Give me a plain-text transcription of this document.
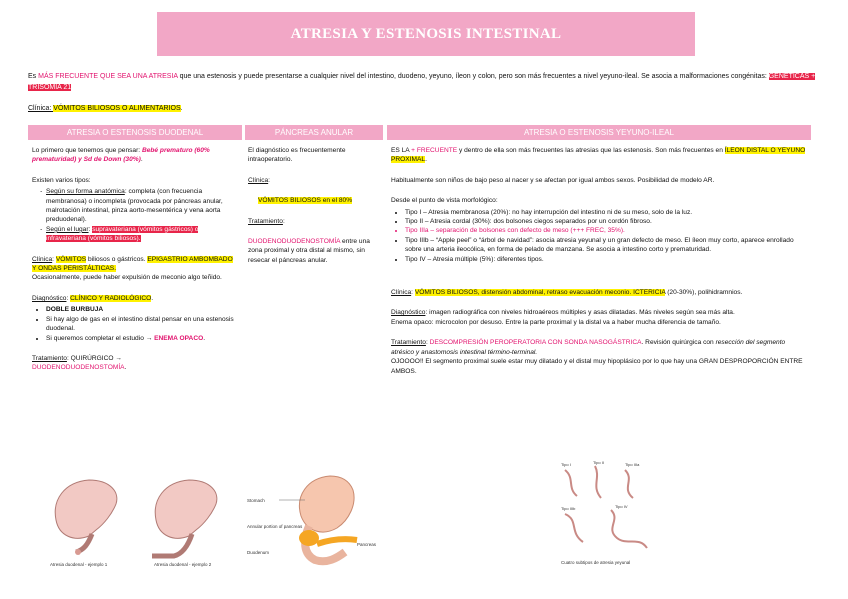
ATRESIA Y ESTENOSIS INTESTINAL
Es MÁS FRECUENTE QUE SEA UNA ATRESIA que una estenosis y puede presentarse a cualquier nivel del intestino, duodeno, yeyuno, íleon y colon, pero son más frecuentes a nivel yeyuno-ileal. Se asocia a malformaciones congénitas: GENÉTICAS + TRISOMÍA 21
Clínica: VÓMITOS BILIOSOS O ALIMENTARIOS.
ATRESIA O ESTENOSIS DUODENAL	PÁNCREAS ANULAR	ATRESIA O ESTENOSIS YEYUNO-ILEAL

Lo primero que tenemos que pensar: Bebé prematuro (60% prematuridad) y Sd de Down (30%).

Existen varios tipos:

- Según su forma anatómica: completa (con frecuencia membranosa) o incompleta (provocada por páncreas anular, malrotación intestinal, pinza aorto-mesentérica y vena aorta preduodenal).
- Según el lugar: supravateriana (vómitos gástricos) o infravateriana (vómitos biliosos).

Clínica: VÓMITOS biliosos o gástricos. EPIGASTRIO AMBOMBADO Y ONDAS PERISTÁLTICAS.
Ocasionalmente, puede haber expulsión de meconio algo teñido.

Diagnóstico: CLÍNICO Y RADIOLÓGICO.

• DOBLE BURBUJA
• Si hay algo de gas en el intestino distal pensar en una estenosis duodenal.
• Si queremos completar el estudio → ENEMA OPACO.

Tratamiento: QUIRÚRGICO →
DUODENODUODENOSTOMÍA.

El diagnóstico es frecuentemente intraoperatorio.

Clínica:

VÓMITOS BILIOSOS en el 80%

Tratamiento:

DUODENODUODENOSTOMÍA entre una zona proximal y otra distal al mismo, sin resecar el páncreas anular.

ES LA + FRECUENTE y dentro de ella son más frecuentes las atresias que las estenosis. Son más frecuentes en ÍLEON DISTAL O YEYUNO PROXIMAL.

Habitualmente son niños de bajo peso al nacer y se afectan por igual ambos sexos. Posibilidad de modelo AR.

Desde el punto de vista morfológico:

• Tipo I – Atresia membranosa (20%): no hay interrupción del intestino ni de su meso, solo de la luz.
• Tipo II – Atresia cordal (30%): dos bolsones ciegos separados por un cordón fibroso.
• Tipo IIIa – separación de bolsones con defecto de meso (+++ FREC, 35%).
• Tipo IIIb – “Apple peel” o “árbol de navidad”: asocia atresia yeyunal y un gran defecto de meso. El íleon muy corto, aparece enrollado sobre una arteria ileocólica, en forma de pelado de manzana. Se asocia a intestino corto y prematuridad.
• Tipo IV – Atresia múltiple (5%): diferentes tipos.

Clínica: VÓMITOS BILIOSOS, distensión abdominal, retraso evacuación meconio. ICTERICIA (20-30%), polihidramnios.

Diagnóstico: imagen radiográfica con niveles hidroaéreos múltiples y asas dilatadas. Más niveles según sea más alta.
Enema opaco: microcolon por desuso. Entre la parte proximal y la distal va a haber mucha diferencia de tamaño.

Tratamiento: DESCOMPRESIÓN PEROPERATORIA CON SONDA NASOGÁSTRICA. Revisión quirúrgica con resección del segmento atrésico y anastomosis intestinal término-terminal.
OJOOOO!! El segmento proximal suele estar muy dilatado y el distal muy hipoplásico por lo que hay una GRAN DESPROPORCIÓN ENTRE AMBOS.

Atresia duodenal - ejemplo 1	Atresia duodenal - ejemplo 2
Stomach
Annular portion of pancreas
Duodenum
Pancreas
Tipo I	Tipo II	Tipo IIIa
Tipo IIIb	Tipo IV
Cuatro subtipos de atresia yeyunal
